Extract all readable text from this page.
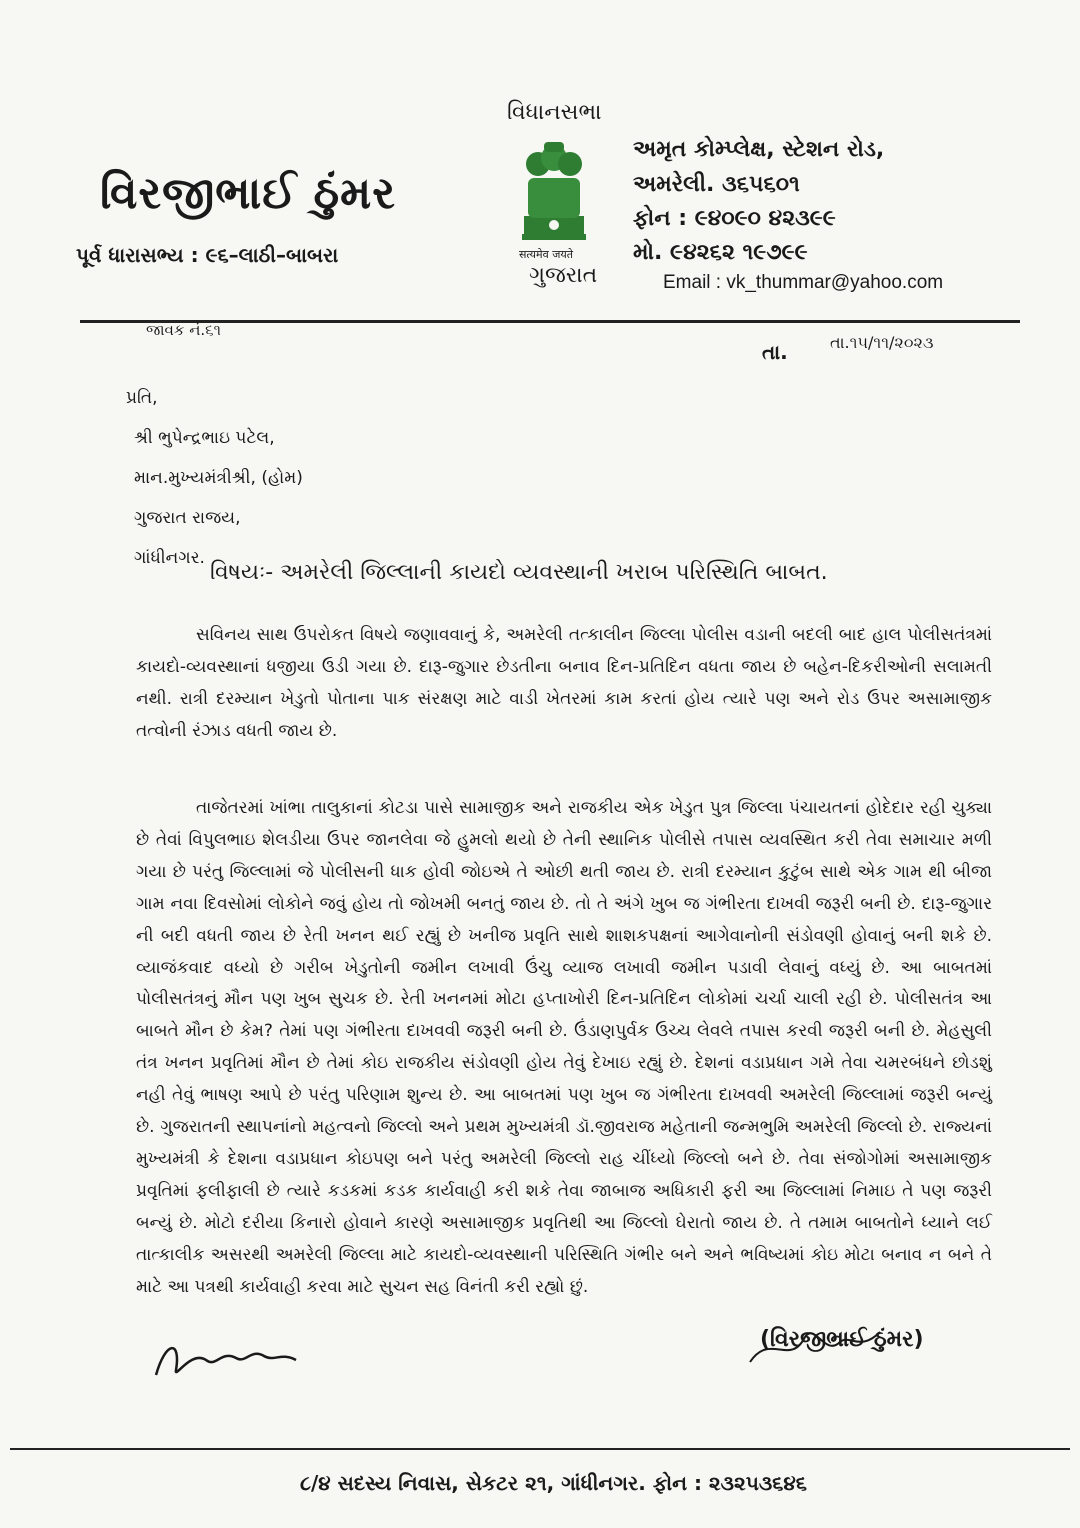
વિરજીભાઈ ઠુંમર
પૂર્વ ધારાસભ્ય : ૯૬–લાઠી–બાબરા
વિધાનસભા
सत्यमेव जयते
ગુજરાત
અમૃત કોમ્પ્લેક્ષ, સ્ટેશન રોડ,
અમરેલી. ૩૬૫૬૦૧
ફોન : ૯૪૦૯૦ ૪૨૩૯૯
મો. ૯૪૨૬૨ ૧૯૭૯૯
Email : vk_thummar@yahoo.com
જાવક નં.૬૧
તા.	તા.૧૫/૧૧/૨૦૨૩
પ્રતિ,
શ્રી ભુપેન્દ્રભાઇ પટેલ,
માન.મુખ્યમંત્રીશ્રી, (હોમ)
ગુજરાત રાજય,
ગાંધીનગર.
વિષયઃ- અમરેલી જિલ્લાની કાયદો વ્યવસ્થાની ખરાબ પરિસ્થિતિ બાબત.
સવિનય સાથ ઉપરોકત વિષયે જણાવવાનું કે, અમરેલી તત્કાલીન જિલ્લા પોલીસ વડાની બદલી બાદ હાલ પોલીસતંત્રમાં કાયદો-વ્યવસ્થાનાં ધજીયા ઉડી ગયા છે. દારૂ-જુગાર છેડતીના બનાવ દિન-પ્રતિદિન વધતા જાય છે બહેન-દિકરીઓની સલામતી નથી. રાત્રી દરમ્યાન ખેડુતો પોતાના પાક સંરક્ષણ માટે વાડી ખેતરમાં કામ કરતાં હોય ત્યારે પણ અને રોડ ઉપર અસામાજીક તત્વોની રંઝાડ વધતી જાય છે.
તાજેતરમાં ખાંભા તાલુકાનાં કોટડા પાસે સામાજીક અને રાજકીય એક ખેડુત પુત્ર જિલ્લા પંચાયતનાં હોદેદાર રહી ચુક્યા છે તેવાં વિપુલભાઇ શેલડીયા ઉપર જાનલેવા જે હુમલો થયો છે તેની સ્થાનિક પોલીસે તપાસ વ્યવસ્થિત કરી તેવા સમાચાર મળી ગયા છે પરંતુ જિલ્લામાં જે પોલીસની ધાક હોવી જોઇએ તે ઓછી થતી જાય છે. રાત્રી દરમ્યાન કુટુંબ સાથે એક ગામ થી બીજા ગામ નવા દિવસોમાં લોકોને જવું હોય તો જોખમી બનતું જાય છે. તો તે અંગે ખુબ જ ગંભીરતા દાખવી જરૂરી બની છે. દારૂ-જુગાર ની બદી વધતી જાય છે રેતી ખનન થઈ રહ્યું છે ખનીજ પ્રવૃતિ સાથે શાશકપક્ષનાં આગેવાનોની સંડોવણી હોવાનું બની શકે છે. વ્યાજંકવાદ વધ્યો છે ગરીબ ખેડુતોની જમીન લખાવી ઉંચુ વ્યાજ લખાવી જમીન પડાવી લેવાનું વધ્યું છે. આ બાબતમાં પોલીસતંત્રનું મૌન પણ ખુબ સુચક છે. રેતી ખનનમાં મોટા હપ્તાખોરી દિન-પ્રતિદિન લોકોમાં ચર્ચા ચાલી રહી છે. પોલીસતંત્ર આ બાબતે મૌન છે કેમ? તેમાં પણ ગંભીરતા દાખવવી જરૂરી બની છે. ઉંડાણપુર્વક ઉચ્ચ લેવલે તપાસ કરવી જરૂરી બની છે. મેહસુલી તંત્ર ખનન પ્રવૃતિમાં મૌન છે તેમાં કોઇ રાજકીય સંડોવણી હોય તેવું દેખાઇ રહ્યું છે. દેશનાં વડાપ્રધાન ગમે તેવા ચમરબંધને છોડશું નહી તેવું ભાષણ આપે છે પરંતુ પરિણામ શુન્ય છે. આ બાબતમાં પણ ખુબ જ ગંભીરતા દાખવવી અમરેલી જિલ્લામાં જરૂરી બન્યું છે. ગુજરાતની સ્થાપનાંનો મહત્વનો જિલ્લો અને પ્રથમ મુખ્યમંત્રી ડૉ.જીવરાજ મહેતાની જન્મભુમિ અમરેલી જિલ્લો છે. રાજ્યનાં મુખ્યમંત્રી કે દેશના વડાપ્રધાન કોઇપણ બને પરંતુ અમરેલી જિલ્લો રાહ ચીંધ્યો જિલ્લો બને છે. તેવા સંજોગોમાં અસામાજીક પ્રવૃતિમાં ફલીફાલી છે ત્યારે કડકમાં કડક કાર્યવાહી કરી શકે તેવા જાબાજ અધિકારી ફરી આ જિલ્લામાં નિમાઇ તે પણ જરૂરી બન્યું છે. મોટો દરીયા કિનારો હોવાને કારણે અસામાજીક પ્રવૃતિથી આ જિલ્લો ઘેરાતો જાય છે. તે તમામ બાબતોને ધ્યાને લઈ તાત્કાલીક અસરથી અમરેલી જિલ્લા માટે કાયદો-વ્યવસ્થાની પરિસ્થિતિ ગંભીર બને અને ભવિષ્યમાં કોઇ મોટા બનાવ ન બને તે માટે આ પત્રથી કાર્યવાહી કરવા માટે સુચન સહ વિનંતી કરી રહ્યો છું.
(વિરજીભાઈ ઠુંમર)
૮/૪ સદસ્ય નિવાસ, સેકટર ૨૧, ગાંધીનગર. ફોન : ૨૩૨૫૩૬૪૬
